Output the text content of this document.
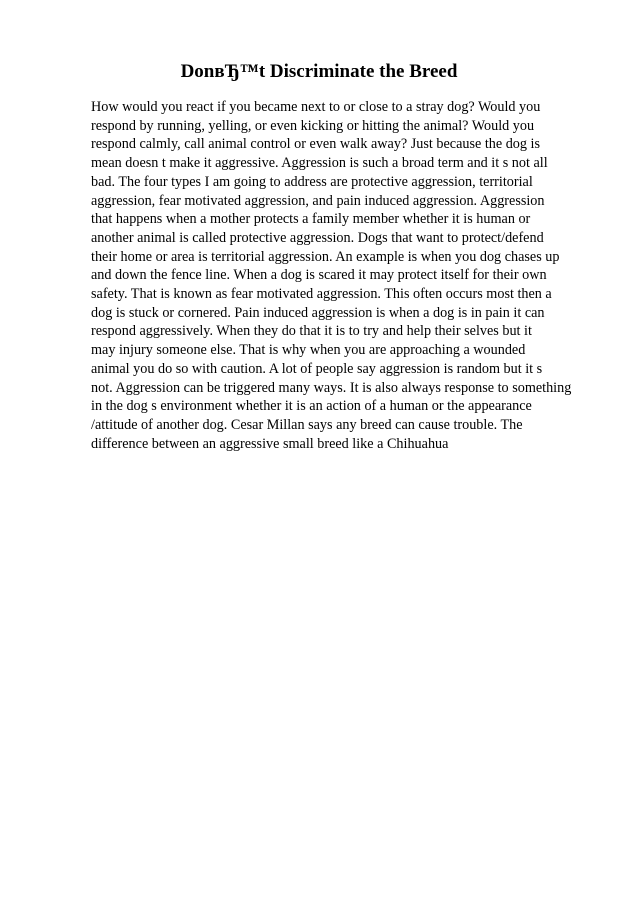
DonвЂ™t Discriminate the Breed

How would you react if you became next to or close to a stray dog? Would you
respond by running, yelling, or even kicking or hitting the animal? Would you
respond calmly, call animal control or even walk away? Just because the dog is
mean doesn t make it aggressive. Aggression is such a broad term and it s not all
bad. The four types I am going to address are protective aggression, territorial
aggression, fear motivated aggression, and pain induced aggression. Aggression
that happens when a mother protects a family member whether it is human or
another animal is called protective aggression. Dogs that want to protect/defend
their home or area is territorial aggression. An example is when you dog chases up
and down the fence line. When a dog is scared it may protect itself for their own
safety. That is known as fear motivated aggression. This often occurs most then a
dog is stuck or cornered. Pain induced aggression is when a dog is in pain it can
respond aggressively. When they do that it is to try and help their selves but it
may injury someone else. That is why when you are approaching a wounded
animal you do so with caution. A lot of people say aggression is random but it s
not. Aggression can be triggered many ways. It is also always response to something
in the dog s environment whether it is an action of a human or the appearance
/attitude of another dog. Cesar Millan says any breed can cause trouble. The
difference between an aggressive small breed like a Chihuahua
